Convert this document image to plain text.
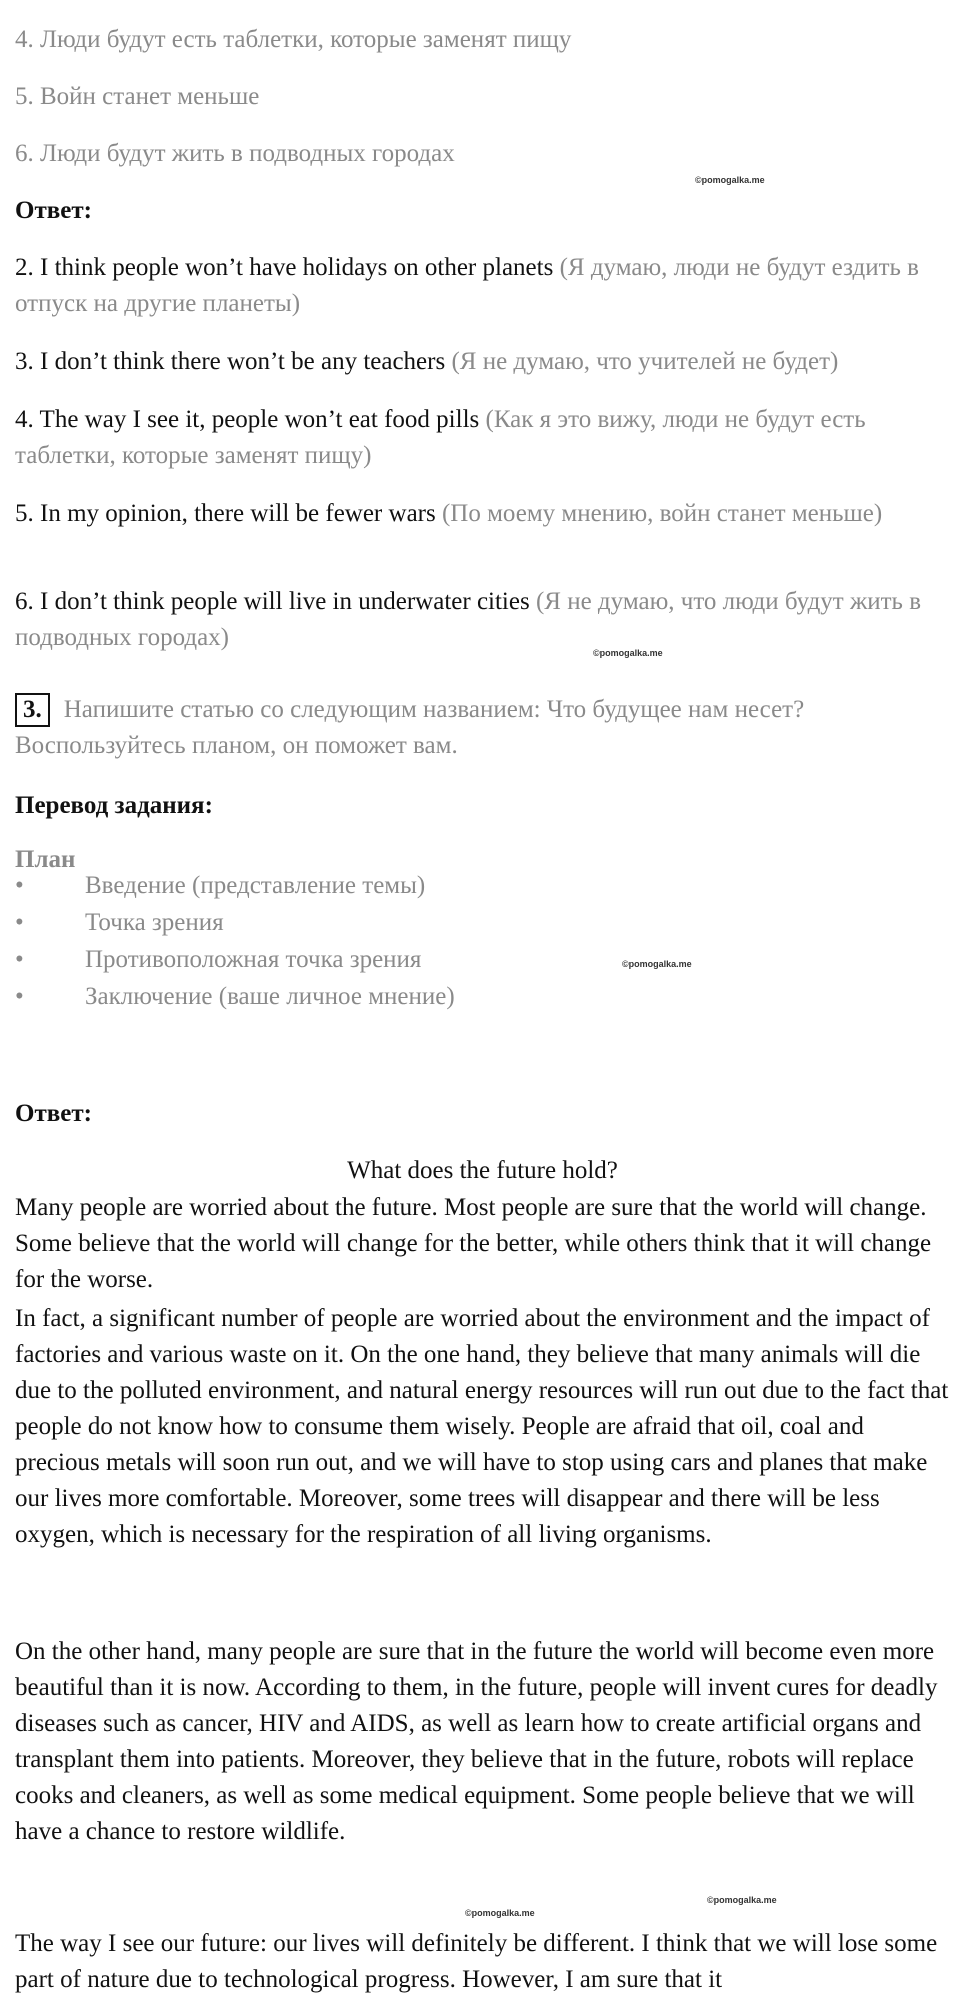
4. Люди будут есть таблетки, которые заменят пищу

5. Войн станет меньше

6. Люди будут жить в подводных городах

©pomogalka.me

Ответ:

2. I think people won’t have holidays on other planets (Я думаю, люди не будут ездить в отпуск на другие планеты)

3. I don’t think there won’t be any teachers (Я не думаю, что учителей не будет)

4. The way I see it, people won’t eat food pills (Как я это вижу, люди не будут есть таблетки, которые заменят пищу)

5. In my opinion, there will be fewer wars (По моему мнению, войн станет меньше)

6. I don’t think people will live in underwater cities (Я не думаю, что люди будут жить в подводных городах)

©pomogalka.me

3. Напишите статью со следующим названием: Что будущее нам несет? Воспользуйтесь планом, он поможет вам.

Перевод задания:

План

• Введение (представление темы)
• Точка зрения
• Противоположная точка зрения
• Заключение (ваше личное мнение)
©pomogalka.me

Ответ:

What does the future hold?

Many people are worried about the future. Most people are sure that the world will change. Some believe that the world will change for the better, while others think that it will change for the worse.

In fact, a significant number of people are worried about the environment and the impact of factories and various waste on it. On the one hand, they believe that many animals will die due to the polluted environment, and natural energy resources will run out due to the fact that people do not know how to consume them wisely. People are afraid that oil, coal and precious metals will soon run out, and we will have to stop using cars and planes that make our lives more comfortable. Moreover, some trees will disappear and there will be less oxygen, which is necessary for the respiration of all living organisms.

On the other hand, many people are sure that in the future the world will become even more beautiful than it is now. According to them, in the future, people will invent cures for deadly diseases such as cancer, HIV and AIDS, as well as learn how to create artificial organs and transplant them into patients. Moreover, they believe that in the future, robots will replace cooks and cleaners, as well as some medical equipment. Some people believe that we will have a chance to restore wildlife.

©pomogalka.me
©pomogalka.me

The way I see our future: our lives will definitely be different. I think that we will lose some part of nature due to technological progress. However, I am sure that it
